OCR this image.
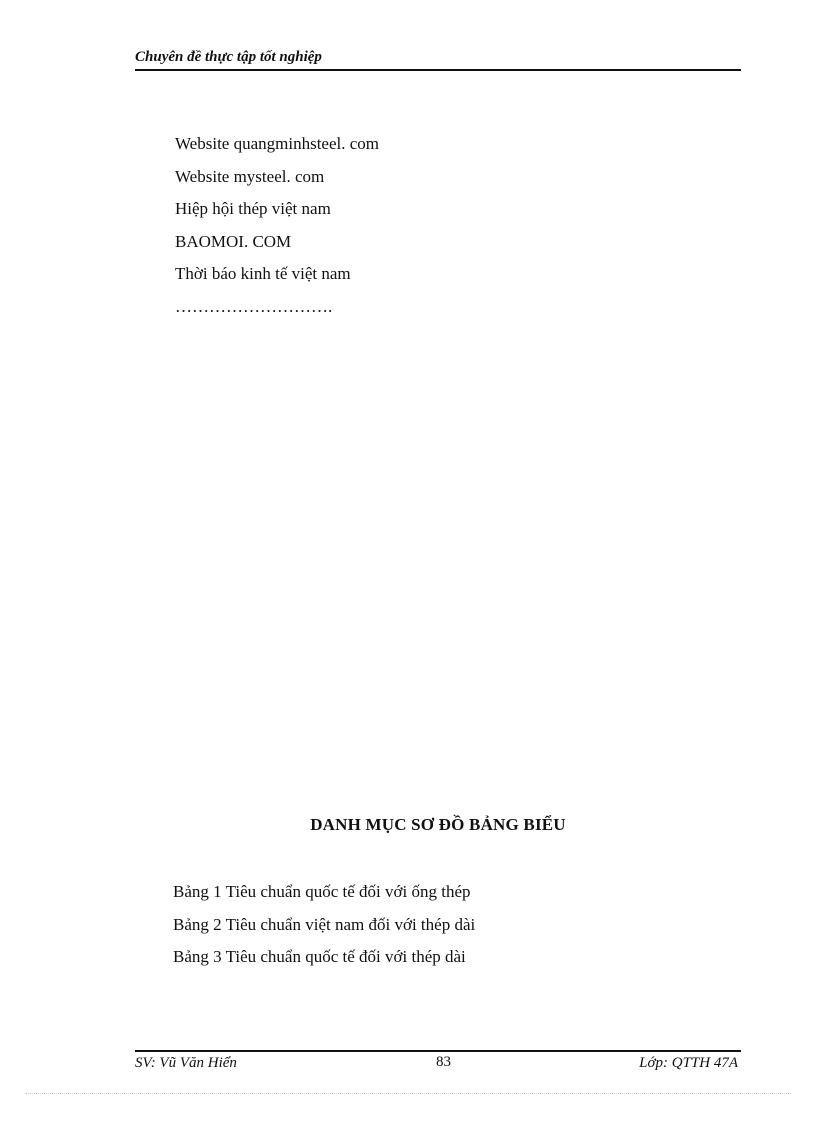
Chuyên đề thực tập tốt nghiệp
Website quangminhsteel. com
Website mysteel. com
Hiệp hội thép việt nam
BAOMOI. COM
Thời báo kinh tế việt nam
……………………….
DANH MỤC SƠ ĐỒ BẢNG BIỂU
Bảng 1 Tiêu chuẩn quốc tế đối với ống thép
Bảng 2 Tiêu chuẩn việt nam đối với thép dài
Bảng 3 Tiêu chuẩn quốc tế đối với thép dài
SV: Vũ Văn Hiển	83	Lớp: QTTH 47A
